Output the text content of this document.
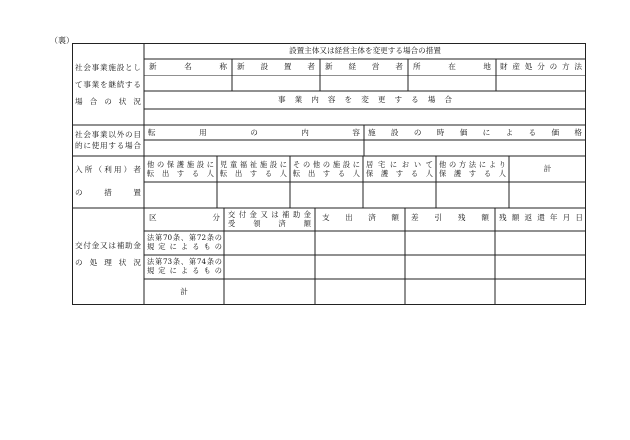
（裏）
社会事業施設とし
て事業を継続する
場 合 の 状 況
設置主体又は経営主体を変更する場合の措置
新名称 新設置者 新経営者 所在地 財産処分の方法
事業内容を変更する場合
社会事業以外の目
的に使用する場合
転用の内容 施設の時価による価格
入所（利用）者
の 措 置
他の保護施設に
転 出 す る 人
児童福祉施設に
転 出 す る 人
その他の施設に
転 出 す る 人
居 宅 に お い て
保 護 す る 人
他の方法により
保 護 す る 人
計
交付金又は補助金
の 処 理 状 況
区分 交付金又は補助金
受 領 済 額
支出済額 差引残額 残額返還年月日
法第70条、第72条の
規 定 に よ る も の
法第73条、第74条の
規 定 に よ る も の
計
